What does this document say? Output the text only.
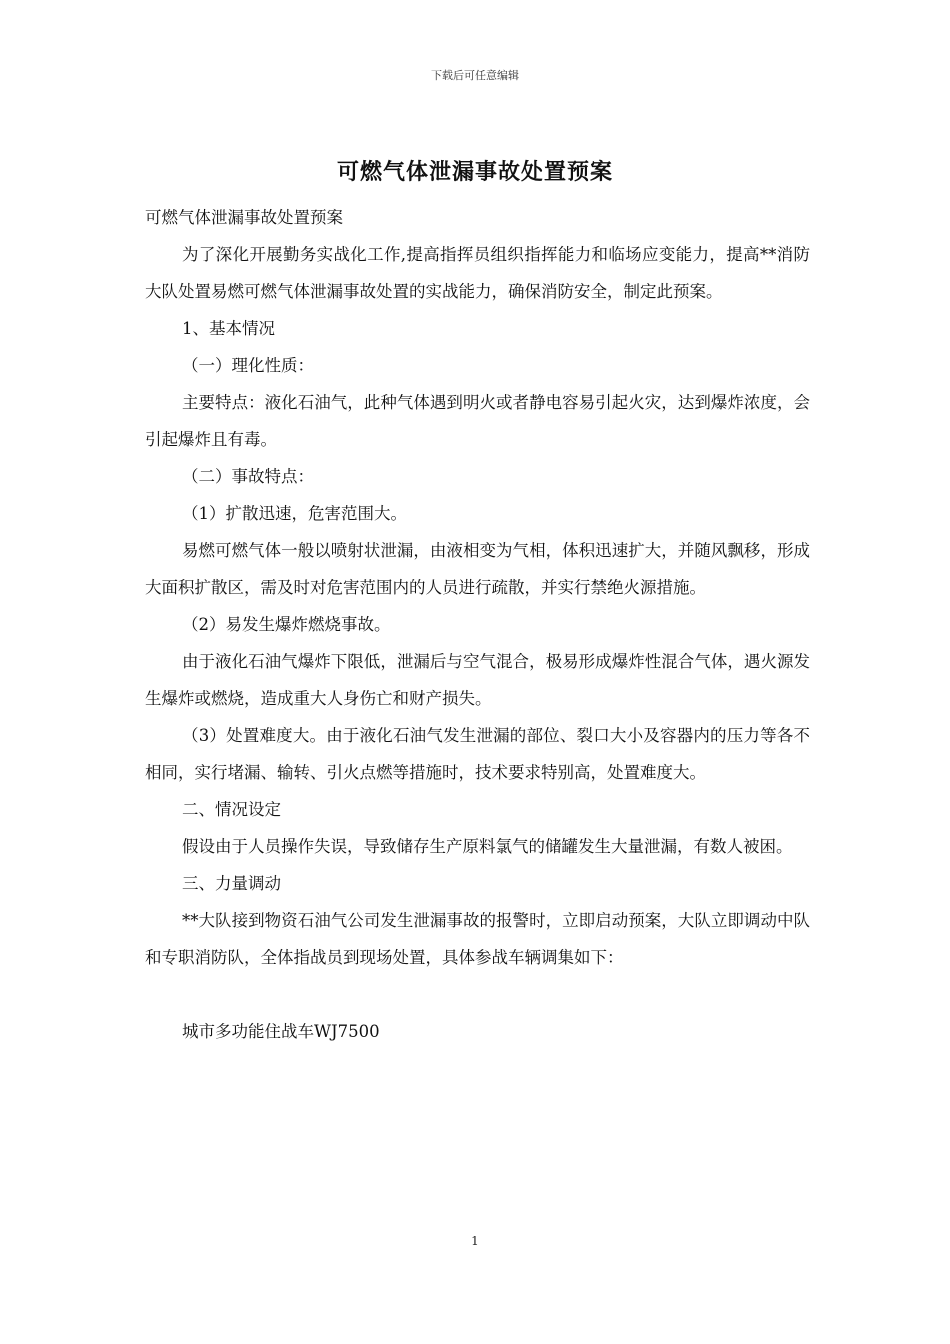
下载后可任意编辑
可燃气体泄漏事故处置预案

可燃气体泄漏事故处置预案

为了深化开展勤务实战化工作,提高指挥员组织指挥能力和临场应变能力，提高**消防大队处置易燃可燃气体泄漏事故处置的实战能力，确保消防安全，制定此预案。

1、基本情况

（一）理化性质：

主要特点：液化石油气，此种气体遇到明火或者静电容易引起火灾，达到爆炸浓度，会引起爆炸且有毒。

（二）事故特点：

（1）扩散迅速，危害范围大。

易燃可燃气体一般以喷射状泄漏，由液相变为气相，体积迅速扩大，并随风飘移，形成大面积扩散区，需及时对危害范围内的人员进行疏散，并实行禁绝火源措施。

（2）易发生爆炸燃烧事故。

由于液化石油气爆炸下限低，泄漏后与空气混合，极易形成爆炸性混合气体，遇火源发生爆炸或燃烧，造成重大人身伤亡和财产损失。

（3）处置难度大。由于液化石油气发生泄漏的部位、裂口大小及容器内的压力等各不相同，实行堵漏、输转、引火点燃等措施时，技术要求特别高，处置难度大。

二、情况设定

假设由于人员操作失误，导致储存生产原料氯气的储罐发生大量泄漏，有数人被困。

三、力量调动

**大队接到物资石油气公司发生泄漏事故的报警时，立即启动预案，大队立即调动中队和专职消防队，全体指战员到现场处置，具体参战车辆调集如下：

城市多功能住战车WJ7500

1
